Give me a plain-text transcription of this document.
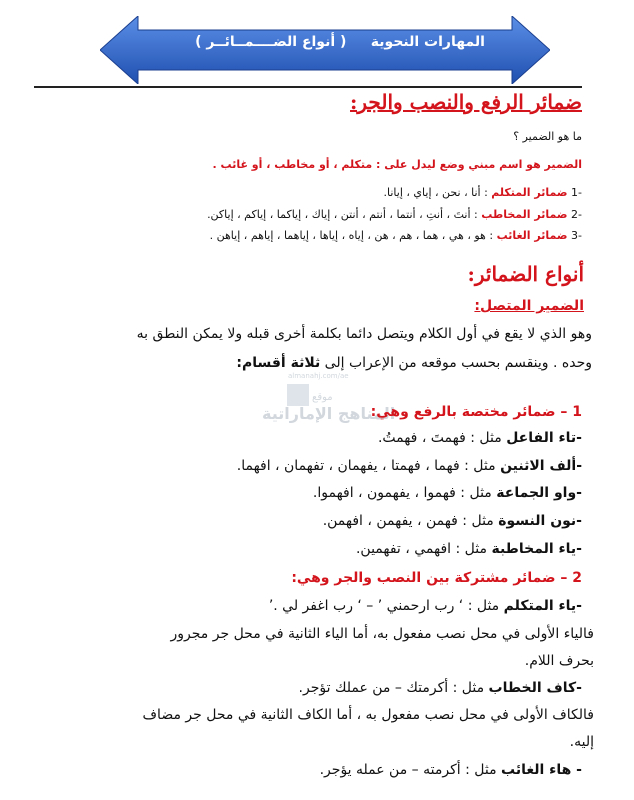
المهارات النحوية     ( أنواع الضــــمــائــر )
ضمائر الرفع والنصب والجر:
ما هو الضمير ؟
الضمير هو اسم مبني وضع ليدل على : متكلم ، أو مخاطب ، أو غائب .
-1 ضمائر المتكلم : أنا ، نحن ، إياي ، إيانا.
-2 ضمائر المخاطب : أنتَ ، أنتِ ، أنتما ، أنتم ، أنتن ، إياك ، إياكما ، إياكم ، إياكن.
-3 ضمائر الغائب : هو ، هي ، هما ، هم ، هن ، إياه ، إياها ، إياهما ، إياهم ، إياهن .
أنواع الضمائر:
الضمير المتصل:
وهو الذي لا يقع في أول الكلام ويتصل دائما بكلمة أخرى قبله ولا يمكن النطق به
وحده . وينقسم بحسب موقعه من الإعراب إلى ثلاثة أقسام:
almanahj.com/ae
موقع
المناهج الإماراتية
1 – ضمائر مختصة بالرفع وهي:
-تاء الفاعل مثل : فهمتَ ، فهمتُ.
-ألف الاثنين مثل : فهما ، فهمتا ، يفهمان ، تفهمان ، افهما.
-واو الجماعة مثل : فهموا ، يفهمون ، افهموا.
-نون النسوة مثل : فهمن ، يفهمن ، افهمن.
-ياء المخاطبة مثل : افهمي ، تفهمين.
2 – ضمائر مشتركة بين النصب والجر وهي:
-ياء المتكلم مثل : ‘ رب ارحمني ’ – ‘ رب اغفر لي .’
فالياء الأولى في محل نصب مفعول به، أما الياء الثانية في محل جر مجرور
بحرف اللام.
-كاف الخطاب مثل : أكرمتك – من عملك تؤجر.
فالكاف الأولى في محل نصب مفعول به ، أما الكاف الثانية في محل جر مضاف
إليه.
- هاء الغائب مثل : أكرمته – من عمله يؤجر.
